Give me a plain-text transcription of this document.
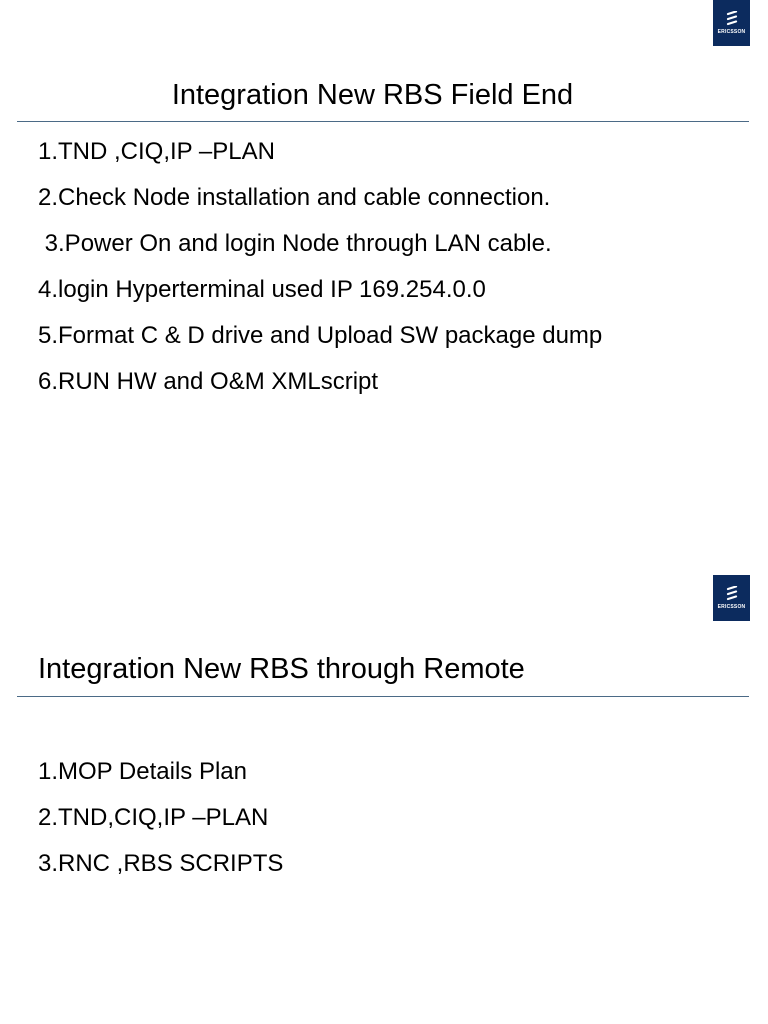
ERICSSON
Integration New RBS Field End
1.TND ,CIQ,IP –PLAN
2.Check Node installation and cable connection.
3.Power On and login Node through LAN cable.
4.login Hyperterminal used IP 169.254.0.0
5.Format C & D drive and Upload SW package dump
6.RUN HW and O&M XMLscript
ERICSSON
Integration New RBS through Remote
1.MOP Details Plan
2.TND,CIQ,IP –PLAN
3.RNC ,RBS SCRIPTS
